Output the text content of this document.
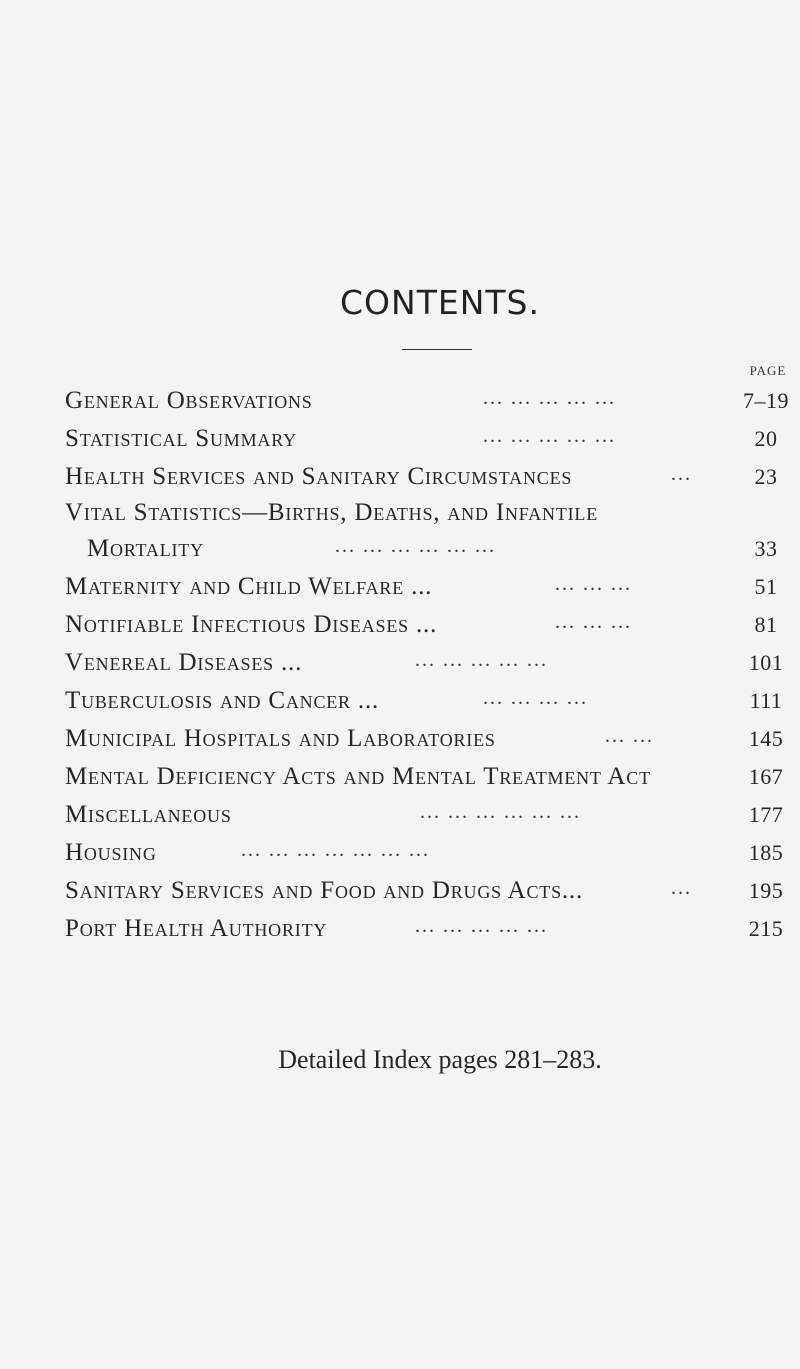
CONTENTS.
PAGE
General Observations	... ... ... ... ...	7–19
Statistical Summary	... ... ... ... ...	20
Health Services and Sanitary Circumstances	...	23
Vital Statistics—Births, Deaths, and Infantile
Mortality	... ... ... ... ... ...	33
Maternity and Child Welfare ...	... ... ...	51
Notifiable Infectious Diseases ...	... ... ...	81
Venereal Diseases ...	... ... ... ... ...	101
Tuberculosis and Cancer ...	... ... ... ...	111
Municipal Hospitals and Laboratories	... ...	145
Mental Deficiency Acts and Mental Treatment Act	167
Miscellaneous	... ... ... ... ... ...	177
Housing	... ... ... ... ... ... ...	185
Sanitary Services and Food and Drugs Acts...	...	195
Port Health Authority	... ... ... ... ...	215
Detailed Index pages 281–283.
